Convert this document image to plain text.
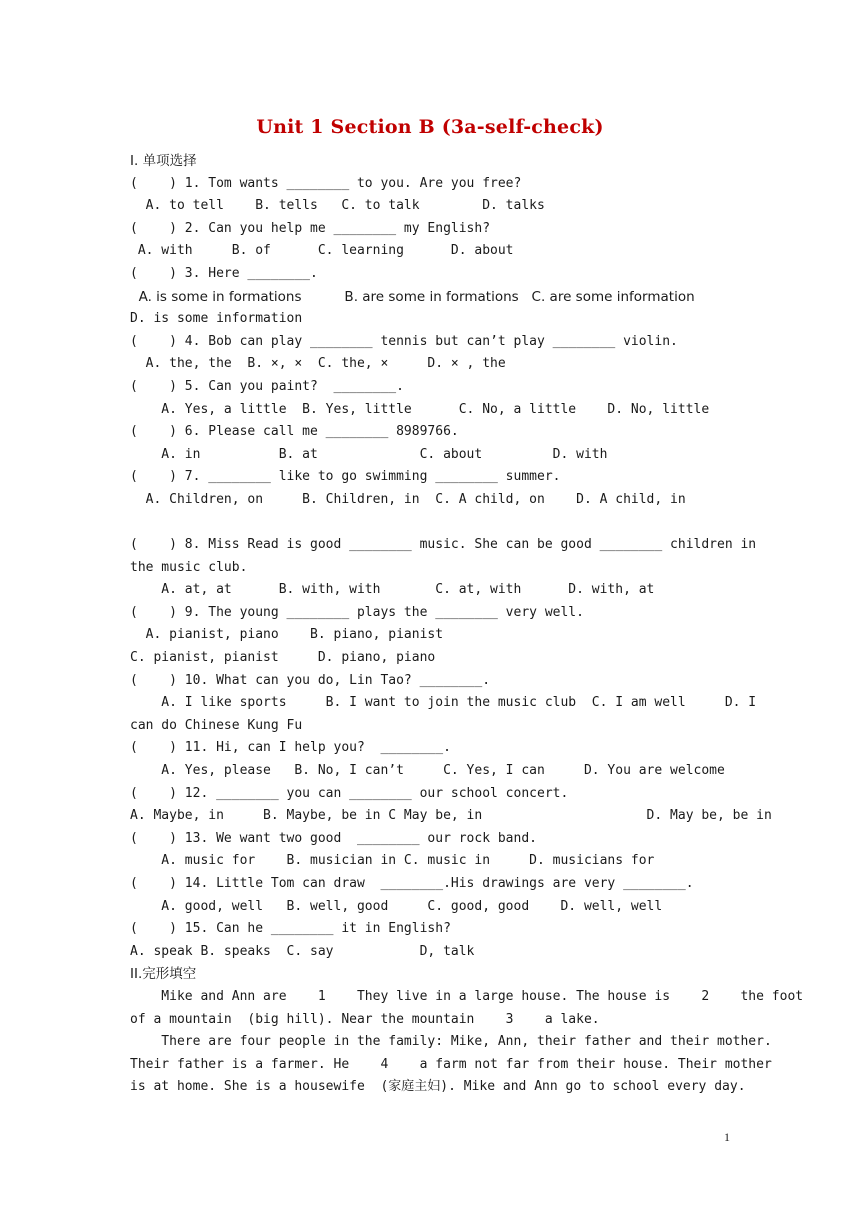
Unit 1 Section B (3a-self-check)
I. 单项选择
(    ) 1. Tom wants ________ to you. Are you free?
A. to tell    B. tells   C. to talk        D. talks
(    ) 2. Can you help me ________ my English?
A. with     B. of      C. learning      D. about
(    ) 3. Here ________.
A. is some in formations          B. are some in formations   C. are some information
D. is some information
(    ) 4. Bob can play ________ tennis but can’t play ________ violin.
A. the, the  B. ×, ×  C. the, ×     D. × , the
(    ) 5. Can you paint?  ________.
A. Yes, a little  B. Yes, little      C. No, a little    D. No, little
(    ) 6. Please call me ________ 8989766.
A. in          B. at             C. about         D. with
(    ) 7. ________ like to go swimming ________ summer.
A. Children, on     B. Children, in  C. A child, on    D. A child, in
(    ) 8. Miss Read is good ________ music. She can be good ________ children in
the music club.
A. at, at      B. with, with       C. at, with      D. with, at
(    ) 9. The young ________ plays the ________ very well.
A. pianist, piano    B. piano, pianist
C. pianist, pianist     D. piano, piano
(    ) 10. What can you do, Lin Tao? ________.
A. I like sports     B. I want to join the music club  C. I am well     D. I
can do Chinese Kung Fu
(    ) 11. Hi, can I help you?  ________.
A. Yes, please   B. No, I can’t     C. Yes, I can     D. You are welcome
(    ) 12. ________ you can ________ our school concert.
A. Maybe, in     B. Maybe, be in C May be, in                     D. May be, be in
(    ) 13. We want two good  ________ our rock band.
A. music for    B. musician in C. music in     D. musicians for
(    ) 14. Little Tom can draw  ________.His drawings are very ________.
A. good, well   B. well, good     C. good, good    D. well, well
(    ) 15. Can he ________ it in English?
A. speak B. speaks  C. say           D, talk
II.完形填空
Mike and Ann are    1    They live in a large house. The house is    2    the foot
of a mountain  (big hill). Near the mountain    3    a lake.
There are four people in the family: Mike, Ann, their father and their mother.
Their father is a farmer. He    4    a farm not far from their house. Their mother
is at home. She is a housewife  (家庭主妇). Mike and Ann go to school every day.
1
